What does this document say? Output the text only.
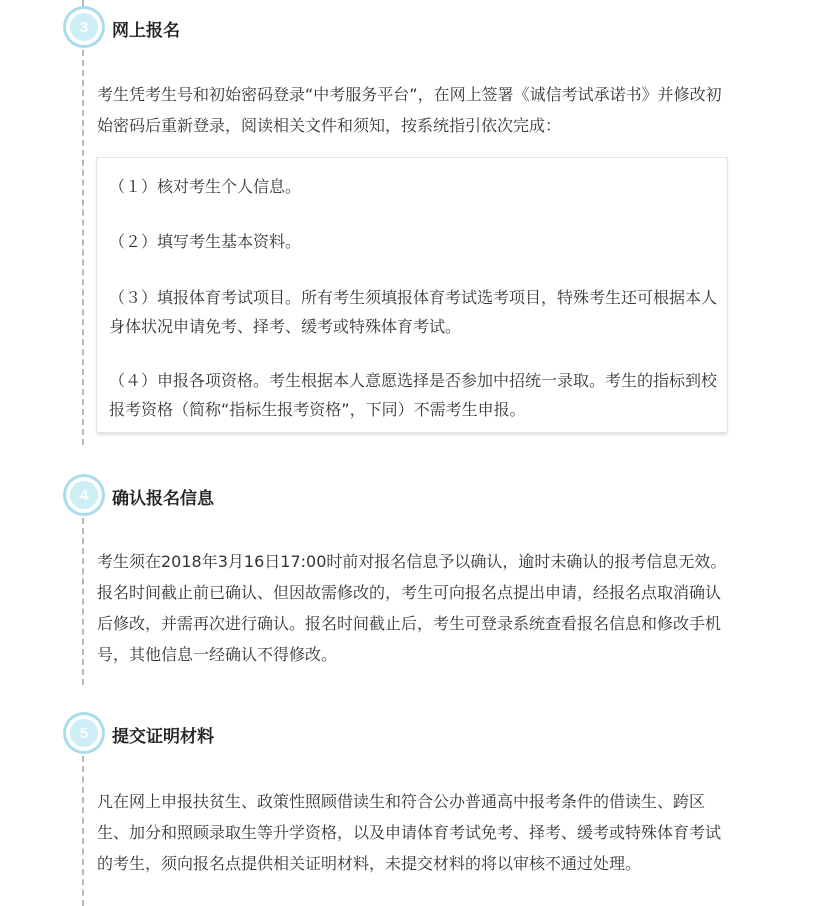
3	网上报名
考生凭考生号和初始密码登录“中考服务平台”，在网上签署《诚信考试承诺书》并修改初始密码后重新登录，阅读相关文件和须知，按系统指引依次完成：
（１）核对考生个人信息。
（２）填写考生基本资料。
（３）填报体育考试项目。所有考生须填报体育考试选考项目，特殊考生还可根据本人身体状况申请免考、择考、缓考或特殊体育考试。
（４）申报各项资格。考生根据本人意愿选择是否参加中招统一录取。考生的指标到校报考资格（简称“指标生报考资格”，下同）不需考生申报。
4	确认报名信息
考生须在2018年3月16日17:00时前对报名信息予以确认，逾时未确认的报考信息无效。报名时间截止前已确认、但因故需修改的，考生可向报名点提出申请，经报名点取消确认后修改，并需再次进行确认。报名时间截止后，考生可登录系统查看报名信息和修改手机号，其他信息一经确认不得修改。
5	提交证明材料
凡在网上申报扶贫生、政策性照顾借读生和符合公办普通高中报考条件的借读生、跨区生、加分和照顾录取生等升学资格，以及申请体育考试免考、择考、缓考或特殊体育考试的考生，须向报名点提供相关证明材料，未提交材料的将以审核不通过处理。
